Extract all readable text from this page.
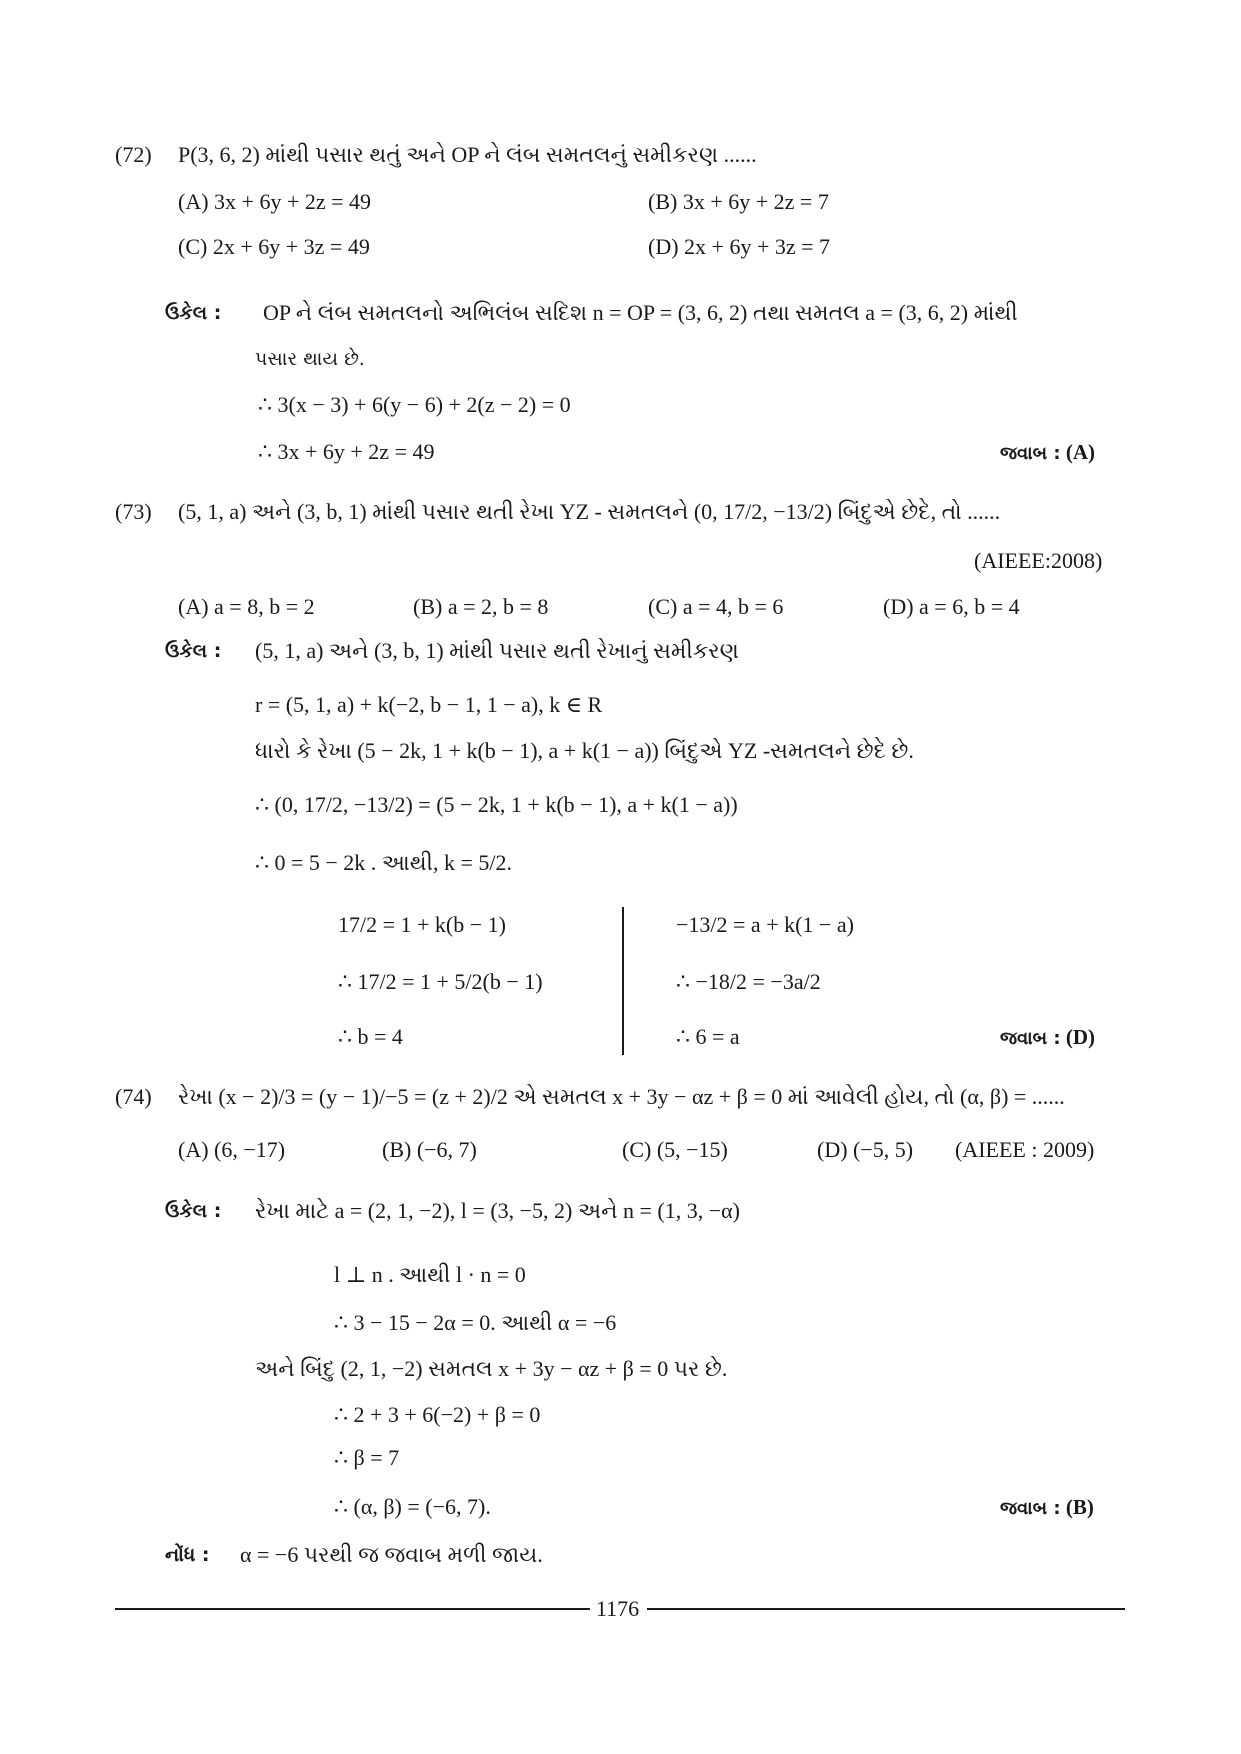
(72) P(3, 6, 2) માંથી પસાર થતું અને OP ને લંબ સમતલનું સમીકરણ ......
(A) 3x + 6y + 2z = 49	(B) 3x + 6y + 2z = 7
(C) 2x + 6y + 3z = 49	(D) 2x + 6y + 3z = 7
ઉકેલ : OP ને લંબ સમતલનો અભિલંબ સદિશ n = OP = (3, 6, 2) તથા સમતલ a = (3, 6, 2) માંથી
પસાર થાય છે.
∴ 3(x − 3) + 6(y − 6) + 2(z − 2) = 0
∴ 3x + 6y + 2z = 49	જવાબ : (A)
(73) (5, 1, a) અને (3, b, 1) માંથી પસાર થતી રેખા YZ - સમતલને (0, 17/2, −13/2) બિંદુએ છેદે, તો ......
(AIEEE:2008)
(A) a = 8, b = 2	(B) a = 2, b = 8	(C) a = 4, b = 6	(D) a = 6, b = 4
ઉકેલ : (5, 1, a) અને (3, b, 1) માંથી પસાર થતી રેખાનું સમીકરણ
r = (5, 1, a) + k(−2, b − 1, 1 − a), k ∈ R
ધારો કે રેખા (5 − 2k, 1 + k(b − 1), a + k(1 − a)) બિંદુએ YZ -સમતલને છેદે છે.
∴ (0, 17/2, −13/2) = (5 − 2k, 1 + k(b − 1), a + k(1 − a))
∴ 0 = 5 − 2k . આથી, k = 5/2.
17/2 = 1 + k(b − 1)
∴ 17/2 = 1 + 5/2(b − 1)
∴ b = 4
−13/2 = a + k(1 − a)
∴ −18/2 = −3a/2
∴ 6 = a	જવાબ : (D)
(74) રેખા (x − 2)/3 = (y − 1)/−5 = (z + 2)/2 એ સમતલ x + 3y − αz + β = 0 માં આવેલી હોય, તો (α, β) = ......
(A) (6, −17)	(B) (−6, 7)	(C) (5, −15)	(D) (−5, 5) (AIEEE : 2009)
ઉકેલ : રેખા માટે a = (2, 1, −2), l = (3, −5, 2) અને n = (1, 3, −α)
l ⊥ n . આથી l · n = 0
∴ 3 − 15 − 2α = 0. આથી α = −6
અને બિંદુ (2, 1, −2) સમતલ x + 3y − αz + β = 0 પર છે.
∴ 2 + 3 + 6(−2) + β = 0
∴ β = 7
∴ (α, β) = (−6, 7).	જવાબ : (B)
નોંધ : α = −6 પરથી જ જવાબ મળી જાય.
1176
